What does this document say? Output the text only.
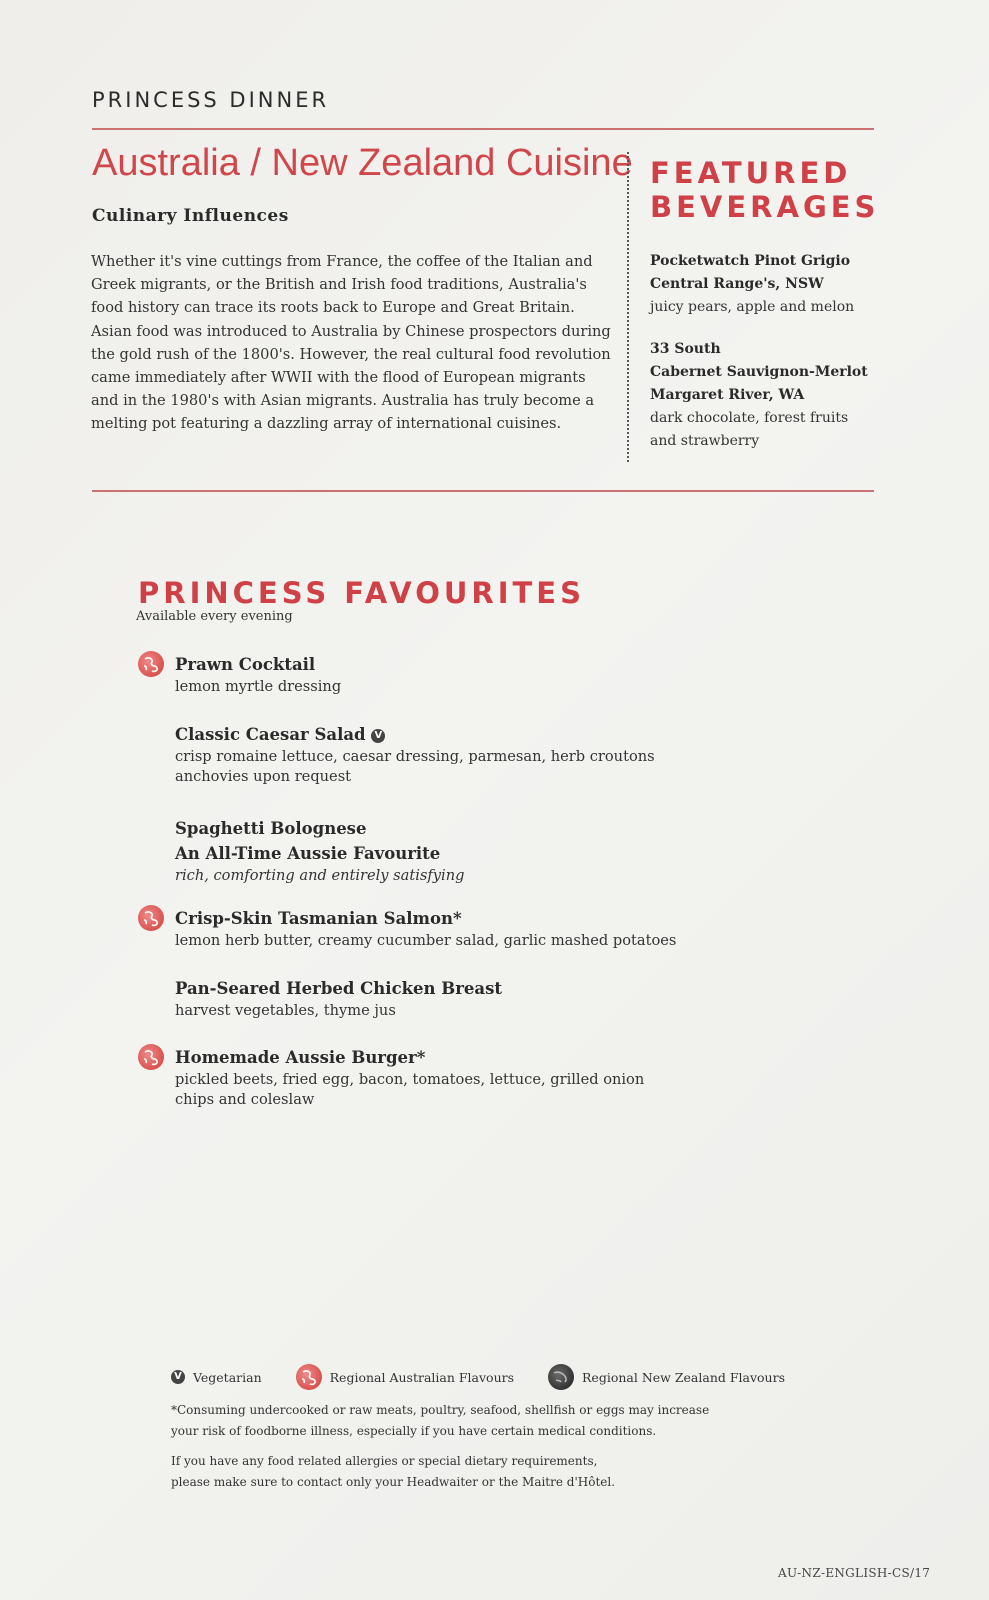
PRINCESS DINNER
Australia / New Zealand Cuisine
Culinary Influences
Whether it's vine cuttings from France, the coffee of the Italian and Greek migrants, or the British and Irish food traditions, Australia's food history can trace its roots back to Europe and Great Britain. Asian food was introduced to Australia by Chinese prospectors during the gold rush of the 1800's. However, the real cultural food revolution came immediately after WWII with the flood of European migrants and in the 1980's with Asian migrants. Australia has truly become a melting pot featuring a dazzling array of international cuisines.
FEATURED
BEVERAGES
Pocketwatch Pinot Grigio
Central Range's, NSW
juicy pears, apple and melon
33 South
Cabernet Sauvignon-Merlot
Margaret River, WA
dark chocolate, forest fruits
and strawberry
PRINCESS FAVOURITES
Available every evening
Prawn Cocktail
lemon myrtle dressing
Classic Caesar Salad V
crisp romaine lettuce, caesar dressing, parmesan, herb croutons
anchovies upon request
Spaghetti Bolognese
An All-Time Aussie Favourite
rich, comforting and entirely satisfying
Crisp-Skin Tasmanian Salmon*
lemon herb butter, creamy cucumber salad, garlic mashed potatoes
Pan-Seared Herbed Chicken Breast
harvest vegetables, thyme jus
Homemade Aussie Burger*
pickled beets, fried egg, bacon, tomatoes, lettuce, grilled onion
chips and coleslaw
V Vegetarian	Regional Australian Flavours	Regional New Zealand Flavours
*Consuming undercooked or raw meats, poultry, seafood, shellfish or eggs may increase
your risk of foodborne illness, especially if you have certain medical conditions.
If you have any food related allergies or special dietary requirements,
please make sure to contact only your Headwaiter or the Maitre d'Hôtel.
AU-NZ-ENGLISH-CS/17
